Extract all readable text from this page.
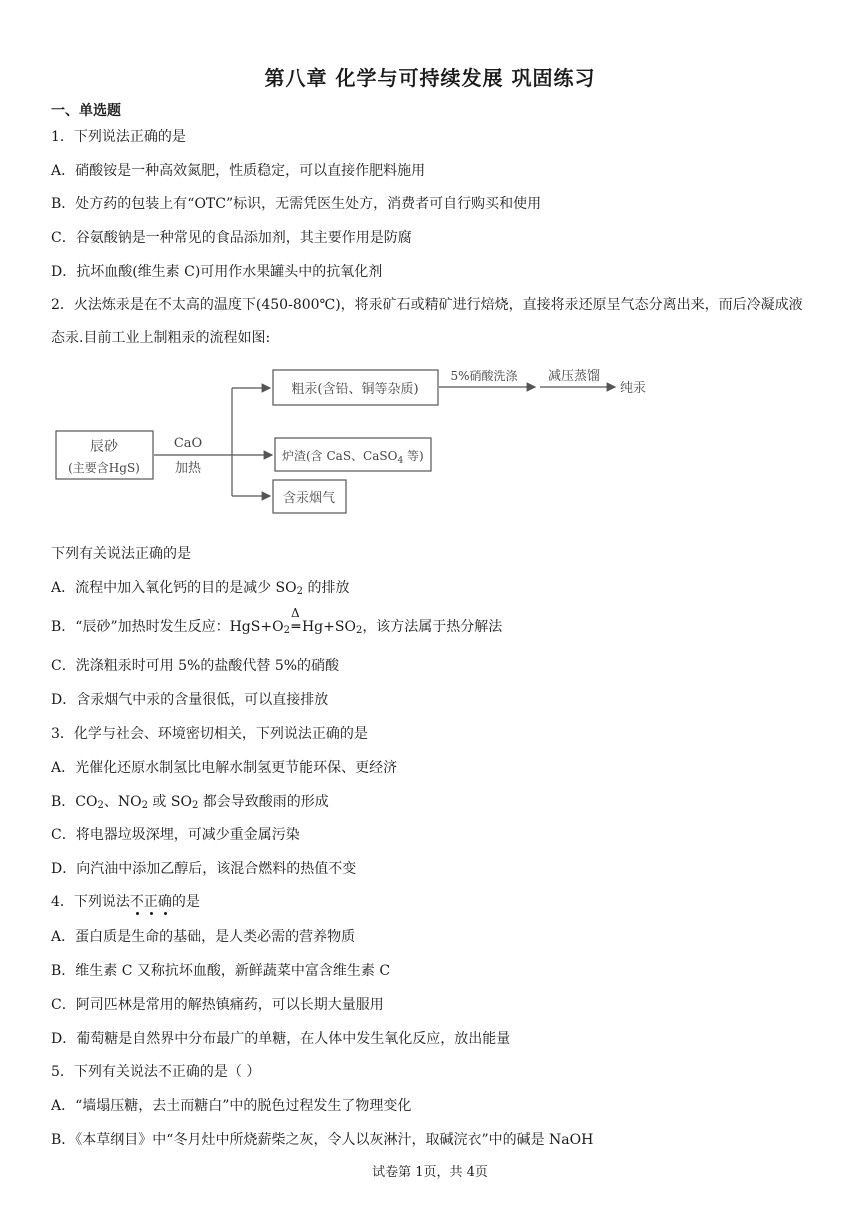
第八章 化学与可持续发展 巩固练习
一、单选题
1．下列说法正确的是
A．硝酸铵是一种高效氮肥，性质稳定，可以直接作肥料施用
B．处方药的包装上有“OTC”标识，无需凭医生处方，消费者可自行购买和使用
C．谷氨酸钠是一种常见的食品添加剂，其主要作用是防腐
D．抗坏血酸(维生素 C)可用作水果罐头中的抗氧化剂
2．火法炼汞是在不太高的温度下(450-800℃)，将汞矿石或精矿进行焙烧，直接将汞还原呈气态分离出来，而后冷凝成液态汞.目前工业上制粗汞的流程如图:
辰砂
(主要含HgS)
CaO
加热
粗汞(含铅、铜等杂质)
5%硝酸洗涤 减压蒸馏
纯汞
炉渣(含 CaS、CaSO$_4$ 等)
含汞烟气
下列有关说法正确的是
A．流程中加入氧化钙的目的是减少 $SO_2$ 的排放
B．“辰砂”加热时发生反应：$HgS+O_2$
Δ
═ $Hg+SO_2$，该方法属于热分解法
C．洗涤粗汞时可用 5%的盐酸代替 5%的硝酸
D．含汞烟气中汞的含量很低，可以直接排放
3．化学与社会、环境密切相关，下列说法正确的是
A．光催化还原水制氢比电解水制氢更节能环保、更经济
B．$CO_2$、$NO_2$ 或 $SO_2$ 都会导致酸雨的形成
C．将电器垃圾深埋，可减少重金属污染
D．向汽油中添加乙醇后，该混合燃料的热值不变
4．下列说法不
正
确
的是
A．蛋白质是生命的基础，是人类必需的营养物质
B．维生素 C 又称抗坏血酸，新鲜蔬菜中富含维生素 C
C．阿司匹林是常用的解热镇痛药，可以长期大量服用
D．葡萄糖是自然界中分布最广的单糖，在人体中发生氧化反应，放出能量
5．下列有关说法不正确的是（ ）
A．“墙塌压糖，去土而糖白”中的脱色过程发生了物理变化
B．《本草纲目》中“冬月灶中所烧薪柴之灰，令人以灰淋汁，取碱浣衣”中的碱是 NaOH
试卷第 1页，共 4页
